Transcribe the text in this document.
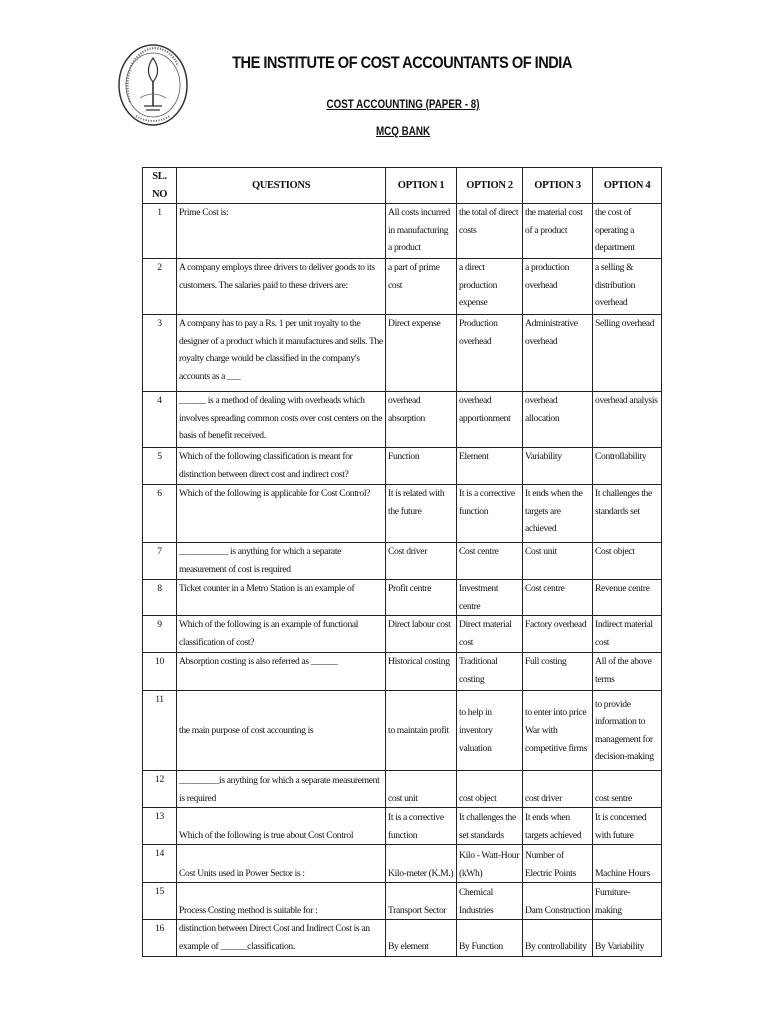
THE INSTITUTE OF COST ACCOUNTANTS OF INDIA
COST ACCOUNTING (PAPER - 8)
MCQ BANK
SL. NO	QUESTIONS	OPTION 1	OPTION 2	OPTION 3	OPTION 4
1	Prime Cost is:	All costs incurred in manufacturing a product	the total of direct costs	the material cost of a product	the cost of operating a department
2	A company employs three drivers to deliver goods to its customers. The salaries paid to these drivers are:	a part of prime cost	a direct production expense	a production overhead	a selling & distribution overhead
3	A company has to pay a Rs. 1 per unit royalty to the designer of a product which it manufactures and sells. The royalty charge would be classified in the company's accounts as a ___	Direct expense	Production overhead	Administrative overhead	Selling overhead
4	______ is a method of dealing with overheads which involves spreading common costs over cost centers on the basis of benefit received.	overhead absorption	overhead apportionment	overhead allocation	overhead analysis
5	Which of the following classification is meant for distinction between direct cost and indirect cost?	Function	Element	Variability	Controllability
6	Which of the following is applicable for Cost Control?	It is related with the future	It is a corrective function	It ends when the targets are achieved	It challenges the standards set
7	___________ is anything for which a separate measurement of cost is required	Cost driver	Cost centre	Cost unit	Cost object
8	Ticket counter in a Metro Station is an example of	Profit centre	Investment centre	Cost centre	Revenue centre
9	Which of the following is an example of functional classification of cost?	Direct labour cost	Direct material cost	Factory overhead	Indirect material cost
10	Absorption costing is also referred as ______	Historical costing	Traditional costing	Full costing	All of the above terms
11	the main purpose of cost accounting is	to maintain profit	to help in inventory valuation	to enter into price War with competitive firms	to provide information to management for decision-making
12	_________is anything for which a separate measurement is required	cost unit	cost object	cost driver	cost sentre
13	Which of the following is true about Cost Control	It is a corrective function	It challenges the set standards	It ends when targets achieved	It is concerned with future
14	Cost Units used in Power Sector is :	Kilo-meter (K.M.)	Kilo - Watt-Hour (kWh)	Number of Electric Points	Machine Hours
15	Process Costing method is suitable for :	Transport Sector	Chemical Industries	Dam Construction	Furniture- making
16	distinction between Direct Cost and Indirect Cost is an example of ______classification.	By element	By Function	By controllability	By Variability
